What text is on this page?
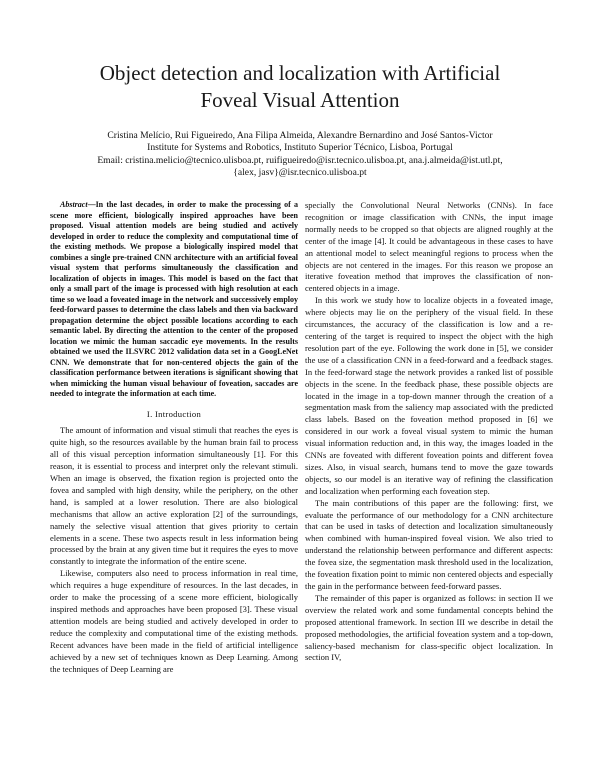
Object detection and localization with Artificial
Foveal Visual Attention
Cristina Melício, Rui Figueiredo, Ana Filipa Almeida, Alexandre Bernardino and José Santos-Victor
Institute for Systems and Robotics, Instituto Superior Técnico, Lisboa, Portugal
Email: cristina.melicio@tecnico.ulisboa.pt, ruifigueiredo@isr.tecnico.ulisboa.pt, ana.j.almeida@ist.utl.pt,
{alex, jasv}@isr.tecnico.ulisboa.pt

Abstract—In the last decades, in order to make the processing of a scene more efficient, biologically inspired approaches have been proposed. Visual attention models are being studied and actively developed in order to reduce the complexity and computational time of the existing methods. We propose a biologically inspired model that combines a single pre-trained CNN architecture with an artificial foveal visual system that performs simultaneously the classification and localization of objects in images. This model is based on the fact that only a small part of the image is processed with high resolution at each time so we load a foveated image in the network and successively employ feed-forward passes to determine the class labels and then via backward propagation determine the object possible locations according to each semantic label. By directing the attention to the center of the proposed location we mimic the human saccadic eye movements. In the results obtained we used the ILSVRC 2012 validation data set in a GoogLeNet CNN. We demonstrate that for non-centered objects the gain of the classification performance between iterations is significant showing that when mimicking the human visual behaviour of foveation, saccades are needed to integrate the information at each time.

I. Introduction

The amount of information and visual stimuli that reaches the eyes is quite high, so the resources available by the human brain fail to process all of this visual perception information simultaneously [1]. For this reason, it is essential to process and interpret only the relevant stimuli. When an image is observed, the fixation region is projected onto the fovea and sampled with high density, while the periphery, on the other hand, is sampled at a lower resolution. There are also biological mechanisms that allow an active exploration [2] of the surroundings, namely the selective visual attention that gives priority to certain elements in a scene. These two aspects result in less information being processed by the brain at any given time but it requires the eyes to move constantly to integrate the information of the entire scene.

Likewise, computers also need to process information in real time, which requires a huge expenditure of resources. In the last decades, in order to make the processing of a scene more efficient, biologically inspired methods and approaches have been proposed [3]. These visual attention models are being studied and actively developed in order to reduce the complexity and computational time of the existing methods. Recent advances have been made in the field of artificial intelligence achieved by a new set of techniques known as Deep Learning. Among the techniques of Deep Learning are

specially the Convolutional Neural Networks (CNNs). In face recognition or image classification with CNNs, the input image normally needs to be cropped so that objects are aligned roughly at the center of the image [4]. It could be advantageous in these cases to have an attentional model to select meaningful regions to process when the objects are not centered in the images. For this reason we propose an iterative foveation method that improves the classification of non-centered objects in a image.

In this work we study how to localize objects in a foveated image, where objects may lie on the periphery of the visual field. In these circumstances, the accuracy of the classification is low and a re-centering of the target is required to inspect the object with the high resolution part of the eye. Following the work done in [5], we consider the use of a classification CNN in a feed-forward and a feedback stages. In the feed-forward stage the network provides a ranked list of possible objects in the scene. In the feedback phase, these possible objects are located in the image in a top-down manner through the creation of a segmentation mask from the saliency map associated with the predicted class labels. Based on the foveation method proposed in [6] we considered in our work a foveal visual system to mimic the human visual information reduction and, in this way, the images loaded in the CNNs are foveated with different foveation points and different fovea sizes. Also, in visual search, humans tend to move the gaze towards objects, so our model is an iterative way of refining the classification and localization when performing each foveation step.

The main contributions of this paper are the following: first, we evaluate the performance of our methodology for a CNN architecture that can be used in tasks of detection and localization simultaneously when combined with human-inspired foveal vision. We also tried to understand the relationship between performance and different aspects: the fovea size, the segmentation mask threshold used in the localization, the foveation fixation point to mimic non centered objects and especially the gain in the performance between feed-forward passes.

The remainder of this paper is organized as follows: in section II we overview the related work and some fundamental concepts behind the proposed attentional framework. In section III we describe in detail the proposed methodologies, the artificial foveation system and a top-down, saliency-based mechanism for class-specific object localization. In section IV,
